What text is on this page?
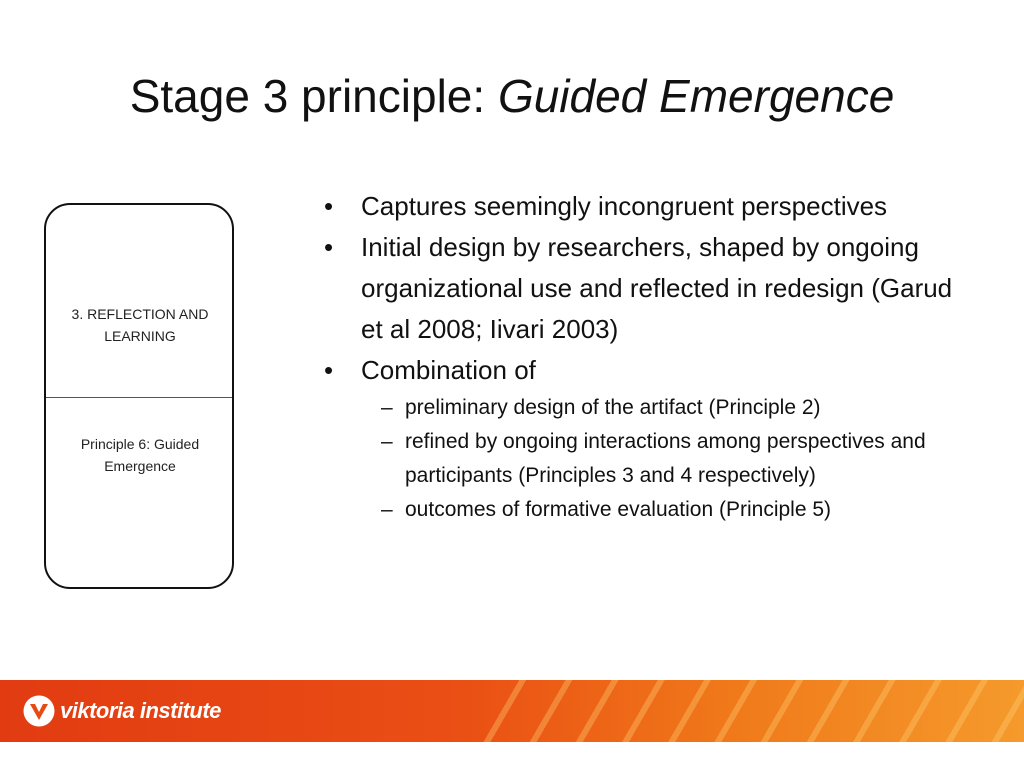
Stage 3 principle: Guided Emergence
3. REFLECTION AND
LEARNING
Principle 6: Guided
Emergence
• Captures seemingly incongruent perspectives
• Initial design by researchers, shaped by ongoing organizational use and reflected in redesign (Garud et al 2008; Iivari 2003)
• Combination of
– preliminary design of the artifact (Principle 2)
– refined by ongoing interactions among perspectives and participants (Principles 3 and 4 respectively)
– outcomes of formative evaluation (Principle 5)
viktoria institute
